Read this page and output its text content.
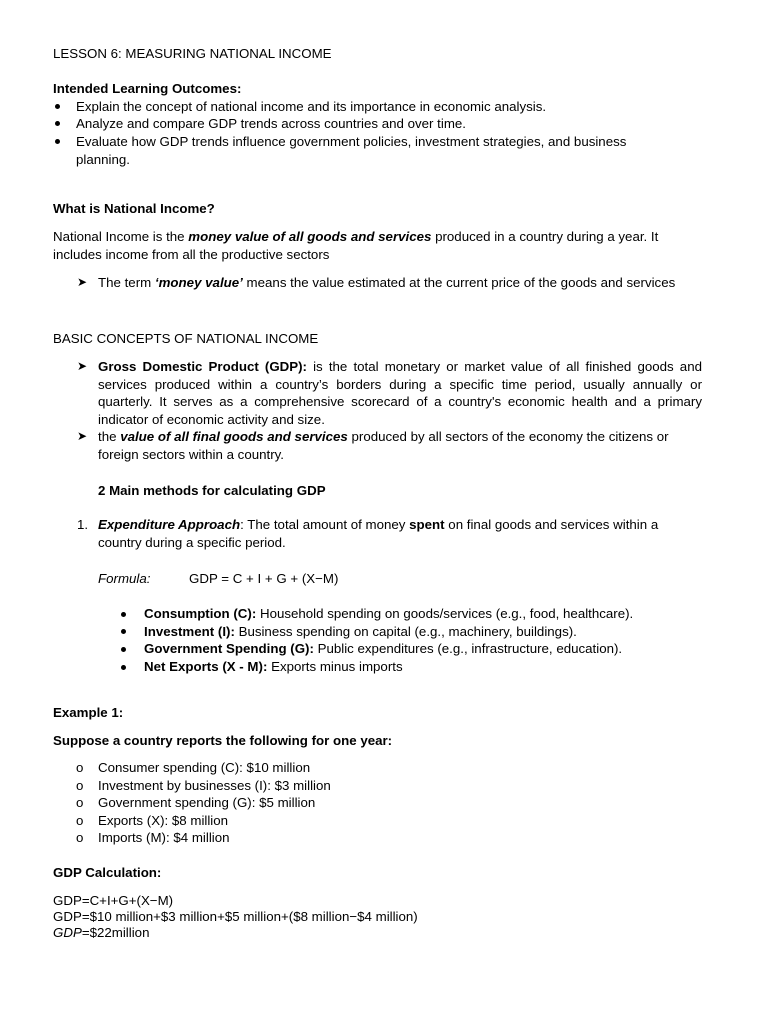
LESSON 6: MEASURING NATIONAL INCOME
Intended Learning Outcomes:
Explain the concept of national income and its importance in economic analysis.
Analyze and compare GDP trends across countries and over time.
Evaluate how GDP trends influence government policies, investment strategies, and business planning.
What is National Income?
National Income is the money value of all goods and services produced in a country during a year. It includes income from all the productive sectors
➤ The term ‘money value’ means the value estimated at the current price of the goods and services
BASIC CONCEPTS OF NATIONAL INCOME
➤ Gross Domestic Product (GDP): is the total monetary or market value of all finished goods and services produced within a country’s borders during a specific time period, usually annually or quarterly. It serves as a comprehensive scorecard of a country's economic health and a primary indicator of economic activity and size.
➤ the value of all final goods and services produced by all sectors of the economy the citizens or foreign sectors within a country.
2 Main methods for calculating GDP
1. Expenditure Approach: The total amount of money spent on final goods and services within a country during a specific period.
Formula:	GDP = C + I + G + (X−M)
Consumption (C): Household spending on goods/services (e.g., food, healthcare).
Investment (I): Business spending on capital (e.g., machinery, buildings).
Government Spending (G): Public expenditures (e.g., infrastructure, education).
Net Exports (X - M): Exports minus imports
Example 1:
Suppose a country reports the following for one year:
o Consumer spending (C): $10 million
o Investment by businesses (I): $3 million
o Government spending (G): $5 million
o Exports (X): $8 million
o Imports (M): $4 million
GDP Calculation:
GDP=C+I+G+(X−M)
GDP=$10 million+$3 million+$5 million+($8 million−$4 million)
GDP=$22million
